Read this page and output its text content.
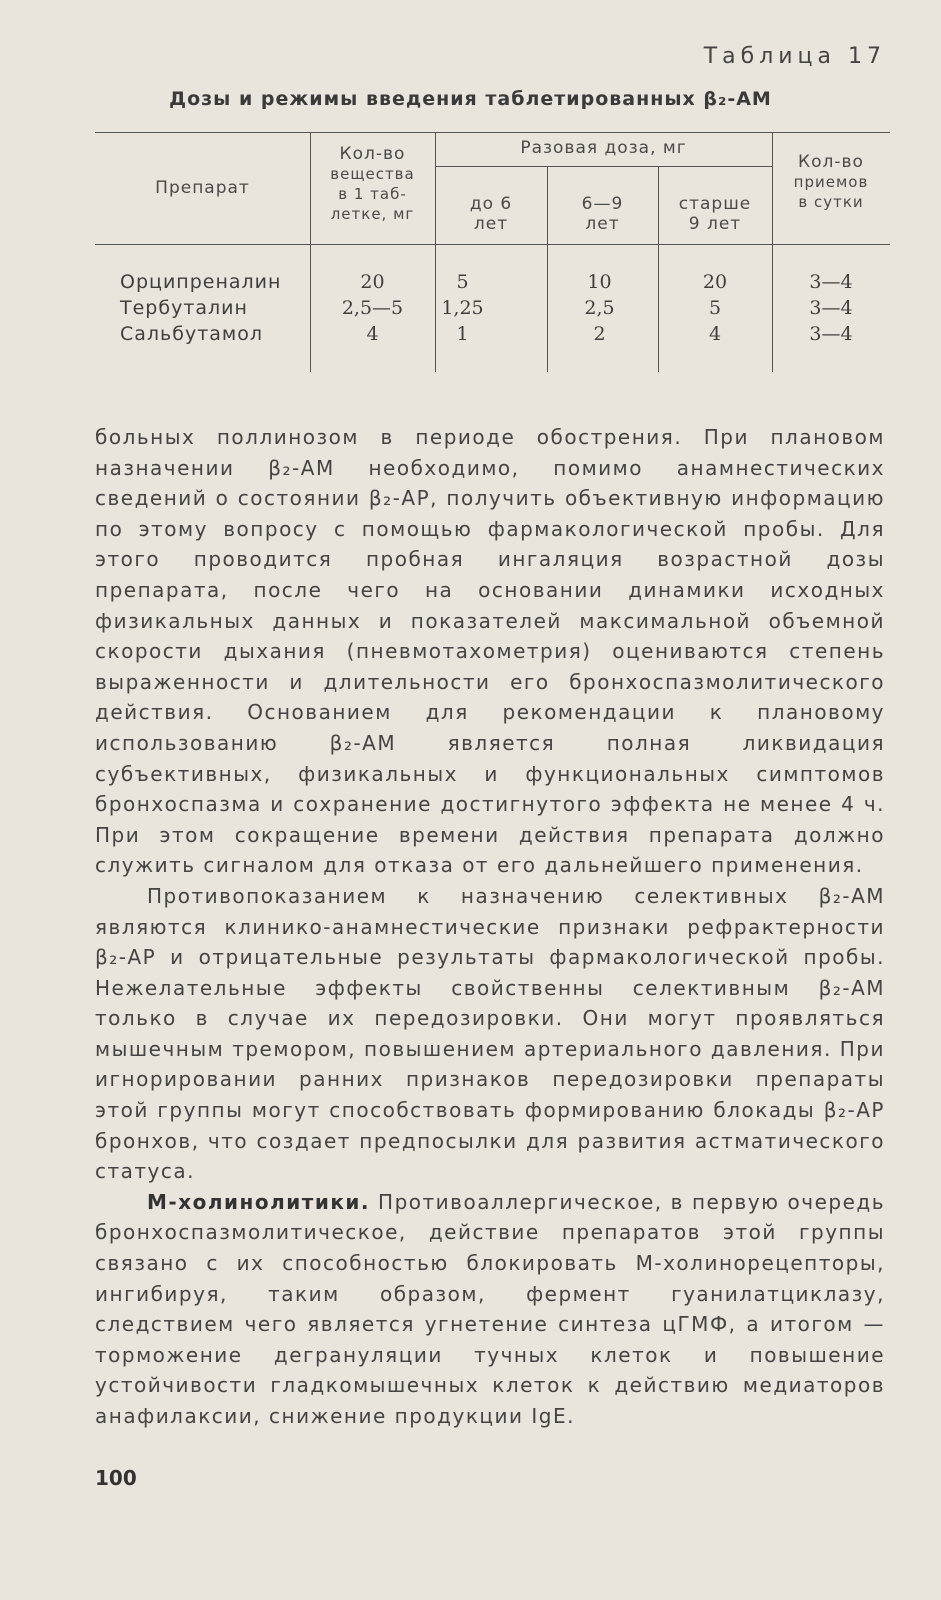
Таблица 17
Дозы и режимы введения таблетированных β₂-АМ
Препарат
Кол-во
вещества
в 1 таб-
летке, мг
Разовая доза, мг
до 6
лет
6—9
лет
старше
9 лет
Кол-во
приемов
в сутки
Орципреналин
Тербуталин
Сальбутамол
20
2,5—5
4
5
1,25
1
10
2,5
2
20
5
4
3—4
3—4
3—4

больных поллинозом в периоде обострения. При плановом назначении β₂-АМ необходимо, помимо анамнестических сведений о состоянии β₂-АР, получить объективную информацию по этому вопросу с помощью фармакологической пробы. Для этого проводится пробная ингаляция возрастной дозы препарата, после чего на основании динамики исходных физикальных данных и показателей максимальной объемной скорости дыхания (пневмотахометрия) оцениваются степень выраженности и длительности его бронхоспазмолитического действия. Основанием для рекомендации к плановому использованию β₂-АМ является полная ликвидация субъективных, физикальных и функциональных симптомов бронхоспазма и сохранение достигнутого эффекта не менее 4 ч. При этом сокращение времени действия препарата должно служить сигналом для отказа от его дальнейшего применения.

Противопоказанием к назначению селективных β₂-АМ являются клинико-анамнестические признаки рефрактерности β₂-АР и отрицательные результаты фармакологической пробы. Нежелательные эффекты свойственны селективным β₂-АМ только в случае их передозировки. Они могут проявляться мышечным тремором, повышением артериального давления. При игнорировании ранних признаков передозировки препараты этой группы могут способствовать формированию блокады β₂-АР бронхов, что создает предпосылки для развития астматического статуса.

М-холинолитики. Противоаллергическое, в первую очередь бронхоспазмолитическое, действие препаратов этой группы связано с их способностью блокировать М-холинорецепторы, ингибируя, таким образом, фермент гуанилатциклазу, следствием чего является угнетение синтеза цГМФ, а итогом — торможение дегрануляции тучных клеток и повышение устойчивости гладкомышечных клеток к действию медиаторов анафилаксии, снижение продукции IgE.

100
